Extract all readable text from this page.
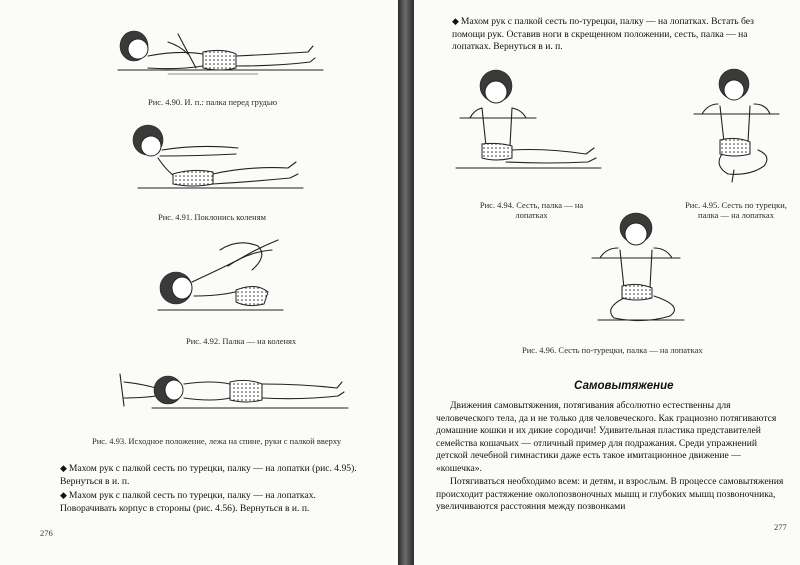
Рис. 4.90. И. п.: палка перед грудью
Рис. 4.91. Поклонись коленям
Рис. 4.92. Палка — на коленях
Рис. 4.93. Исходное положение, лежа на спине, руки с палкой вверху
◆ Махом рук с палкой сесть по турецки, палку — на лопатки (рис. 4.95). Вернуться в и. п.
◆ Махом рук с палкой сесть по турецки, палку — на лопатках. Поворачивать корпус в стороны (рис. 4.56). Вернуться в и. п.
276
◆ Махом рук с палкой сесть по-турецки, палку — на лопатках. Встать без помощи рук. Оставив ноги в скрещенном положении, сесть, палка — на лопатках. Вернуться в и. п.
Рис. 4.94. Сесть, палка — на лопатках
Рис. 4.95. Сесть по турецки, палка — на лопатках
Рис. 4.96. Сесть по-турецки, палка — на лопатках
Самовытяжение
Движения самовытяжения, потягивания абсолютно естественны для человеческого тела, да и не только для человеческого. Как грациозно потягиваются домашние кошки и их дикие сородичи! Удивительная пластика представителей семейства кошачьих — отличный пример для подражания. Среди упражнений детской лечебной гимнастики даже есть такое имитационное движение — «кошечка».
Потягиваться необходимо всем: и детям, и взрослым. В процессе самовытяжения происходит растяжение околопозвоночных мышц и глубоких мышц позвоночника, увеличиваются расстояния между позвонками
277
